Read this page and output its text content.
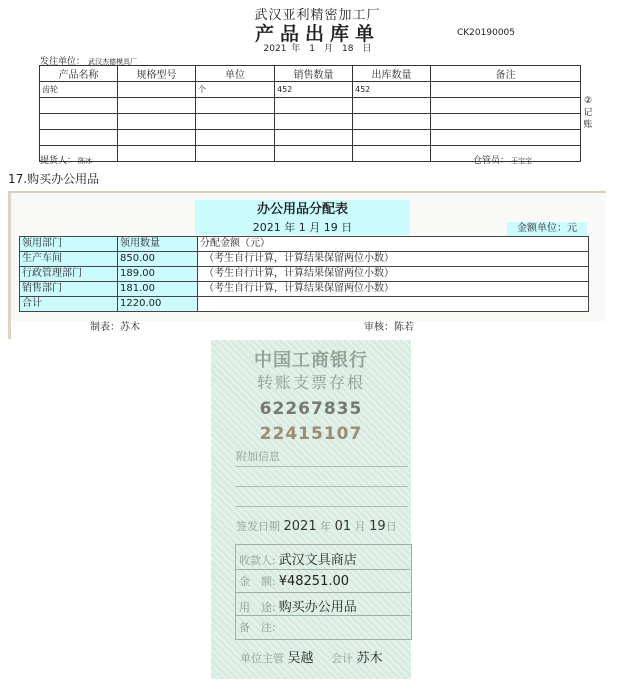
武汉亚利精密加工厂
产品出库单	CK20190005
2021 年　1　月　18　日
发往单位： 武汉杰德模具厂
产品名称	规格型号	单位	销售数量	出库数量	备注
齿轮		个	452	452	

②
记
账
提货人： 陈冰	仓管员： 王宝宝
17.购买办公用品
办公用品分配表
2021 年 1 月 19 日	金额单位：元
领用部门	领用数量	分配金额（元）
生产车间	850.00	（考生自行计算，计算结果保留两位小数）
行政管理部门	189.00	（考生自行计算，计算结果保留两位小数）
销售部门	181.00	（考生自行计算，计算结果保留两位小数）
合计	1220.00	
制表：苏木	审核：陈若
中国工商银行
转账支票存根
62267835
22415107
附加信息
签发日期 2021 年 01 月 19日
收款人: 武汉文具商店
金　额: ¥48251.00
用　途: 购买办公用品
备　注:
单位主管 吴越 会计 苏木
